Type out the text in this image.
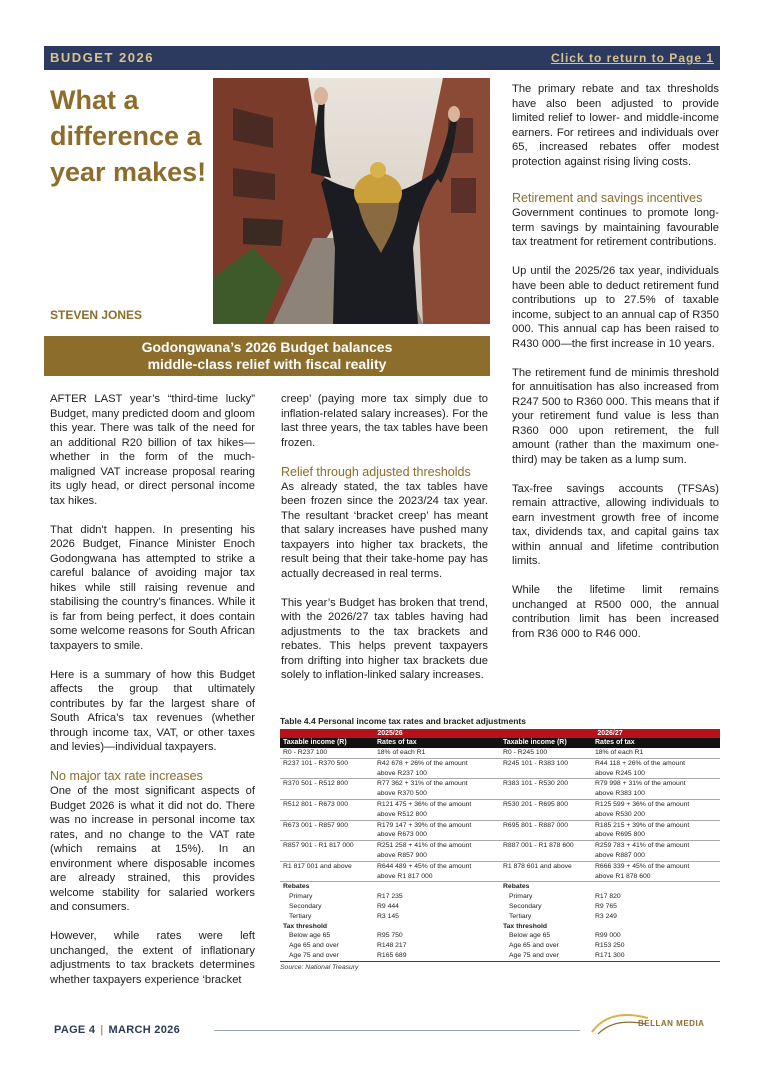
BUDGET 2026	Click to return to Page 1
What a difference a year makes!
STEVEN JONES
Godongwana’s 2026 Budget balances
middle-class relief with fiscal reality

AFTER LAST year’s “third-time lucky” Budget, many predicted doom and gloom this year. There was talk of the need for an additional R20 billion of tax hikes—whether in the form of the much-maligned VAT increase proposal rearing its ugly head, or direct personal income tax hikes.

That didn't happen. In presenting his 2026 Budget, Finance Minister Enoch Godongwana has attempted to strike a careful balance of avoiding major tax hikes while still raising revenue and stabilising the country’s finances. While it is far from being perfect, it does contain some welcome reasons for South African taxpayers to smile.

Here is a summary of how this Budget affects the group that ultimately contributes by far the largest share of South Africa’s tax revenues (whether through income tax, VAT, or other taxes and levies)—individual taxpayers.

No major tax rate increases

One of the most significant aspects of Budget 2026 is what it did not do. There was no increase in personal income tax rates, and no change to the VAT rate (which remains at 15%). In an environment where disposable incomes are already strained, this provides welcome stability for salaried workers and consumers.

However, while rates were left unchanged, the extent of inflationary adjustments to tax brackets determines whether taxpayers experience ‘bracket

creep’ (paying more tax simply due to inflation-related salary increases). For the last three years, the tax tables have been frozen.

Relief through adjusted thresholds

As already stated, the tax tables have been frozen since the 2023/24 tax year. The resultant ‘bracket creep’ has meant that salary increases have pushed many taxpayers into higher tax brackets, the result being that their take-home pay has actually decreased in real terms.

This year’s Budget has broken that trend, with the 2026/27 tax tables having had adjustments to the tax brackets and rebates. This helps prevent taxpayers from drifting into higher tax brackets due solely to inflation-linked salary increases.

The primary rebate and tax thresholds have also been adjusted to provide limited relief to lower- and middle-income earners. For retirees and individuals over 65, increased rebates offer modest protection against rising living costs.

Retirement and savings incentives

Government continues to promote long-term savings by maintaining favourable tax treatment for retirement contributions.

Up until the 2025/26 tax year, individuals have been able to deduct retirement fund contributions up to 27.5% of taxable income, subject to an annual cap of R350 000. This annual cap has been raised to R430 000—the first increase in 10 years.

The retirement fund de minimis threshold for annuitisation has also increased from R247 500 to R360 000. This means that if your retirement fund value is less than R360 000 upon retirement, the full amount (rather than the maximum one-third) may be taken as a lump sum.

Tax-free savings accounts (TFSAs) remain attractive, allowing individuals to earn investment growth free of income tax, dividends tax, and capital gains tax within annual and lifetime contribution limits.

While the lifetime limit remains unchanged at R500 000, the annual contribution limit has been increased from R36 000 to R46 000.

Table 4.4 Personal income tax rates and bracket adjustments
2025/26	2026/27
Taxable income (R)	Rates of tax	Taxable income (R)	Rates of tax
R0 - R237 100	18% of each R1	R0 - R245 100	18% of each R1
R237 101 - R370 500	R42 678 + 26% of the amount	R245 101 - R383 100	R44 118 + 26% of the amount
above R237 100	above R245 100
R370 501 - R512 800	R77 362 + 31% of the amount	R383 101 - R530 200	R79 998 + 31% of the amount
above R370 500	above R383 100
R512 801 - R673 000	R121 475 + 36% of the amount	R530 201 - R695 800	R125 599 + 36% of the amount
above R512 800	above R530 200
R673 001 - R857 900	R179 147 + 39% of the amount	R695 801 - R887 000	R185 215 + 39% of the amount
above R673 000	above R695 800
R857 901 - R1 817 000	R251 258 + 41% of the amount	R887 001 - R1 878 600	R259 783 + 41% of the amount
above R857 900	above R887 000
R1 817 001 and above	R644 489 + 45% of the amount	R1 878 601 and above	R666 339 + 45% of the amount
above R1 817 000	above R1 878 600
Rebates	Rebates
Primary	R17 235	Primary	R17 820
Secondary	R9 444	Secondary	R9 765
Tertiary	R3 145	Tertiary	R3 249
Tax threshold	Tax threshold
Below age 65	R95 750	Below age 65	R99 000
Age 65 and over	R148 217	Age 65 and over	R153 250
Age 75 and over	R165 689	Age 75 and over	R171 300
Source: National Treasury
PAGE 4 | MARCH 2026
BELLAN MEDIA
